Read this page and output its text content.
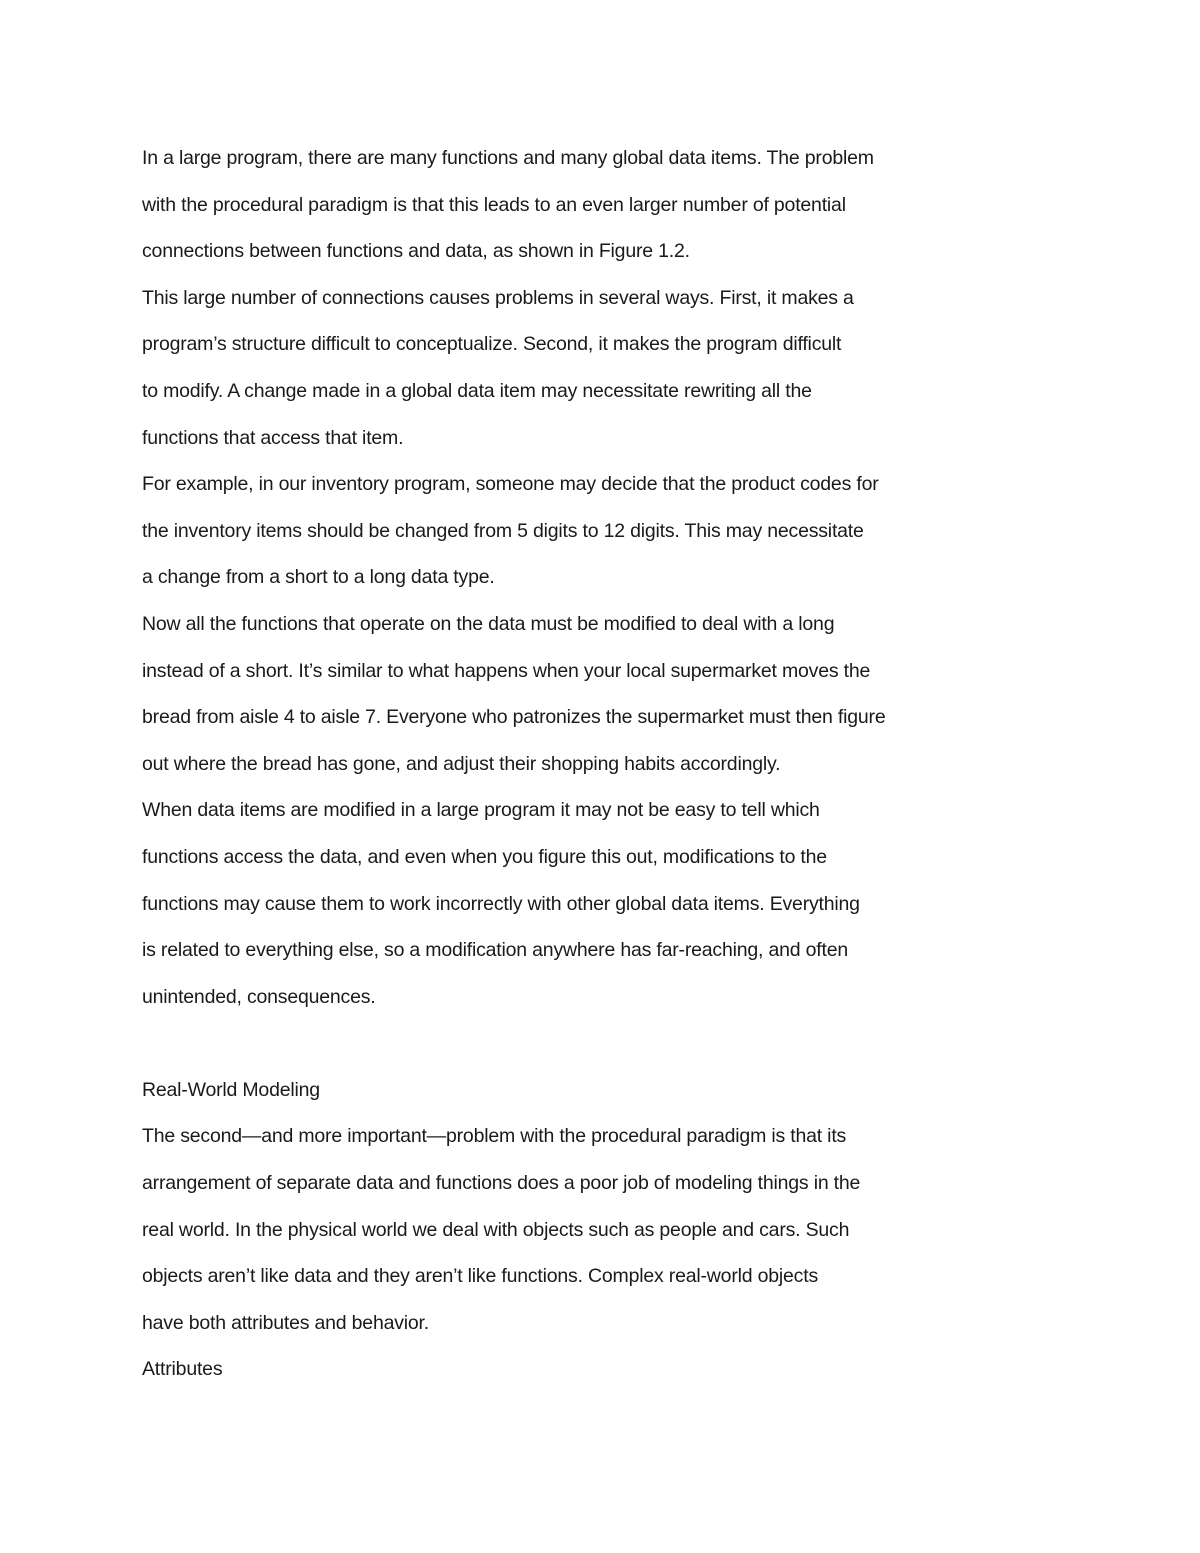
In a large program, there are many functions and many global data items. The problem
with the procedural paradigm is that this leads to an even larger number of potential
connections between functions and data, as shown in Figure 1.2.
This large number of connections causes problems in several ways. First, it makes a
program’s structure difficult to conceptualize. Second, it makes the program difficult
to modify. A change made in a global data item may necessitate rewriting all the
functions that access that item.
For example, in our inventory program, someone may decide that the product codes for
the inventory items should be changed from 5 digits to 12 digits. This may necessitate
a change from a short to a long data type.
Now all the functions that operate on the data must be modified to deal with a long
instead of a short. It’s similar to what happens when your local supermarket moves the
bread from aisle 4 to aisle 7. Everyone who patronizes the supermarket must then figure
out where the bread has gone, and adjust their shopping habits accordingly.
When data items are modified in a large program it may not be easy to tell which
functions access the data, and even when you figure this out, modifications to the
functions may cause them to work incorrectly with other global data items. Everything
is related to everything else, so a modification anywhere has far-reaching, and often
unintended, consequences.
Real-World Modeling
The second—and more important—problem with the procedural paradigm is that its
arrangement of separate data and functions does a poor job of modeling things in the
real world. In the physical world we deal with objects such as people and cars. Such
objects aren’t like data and they aren’t like functions. Complex real-world objects
have both attributes and behavior.
Attributes
